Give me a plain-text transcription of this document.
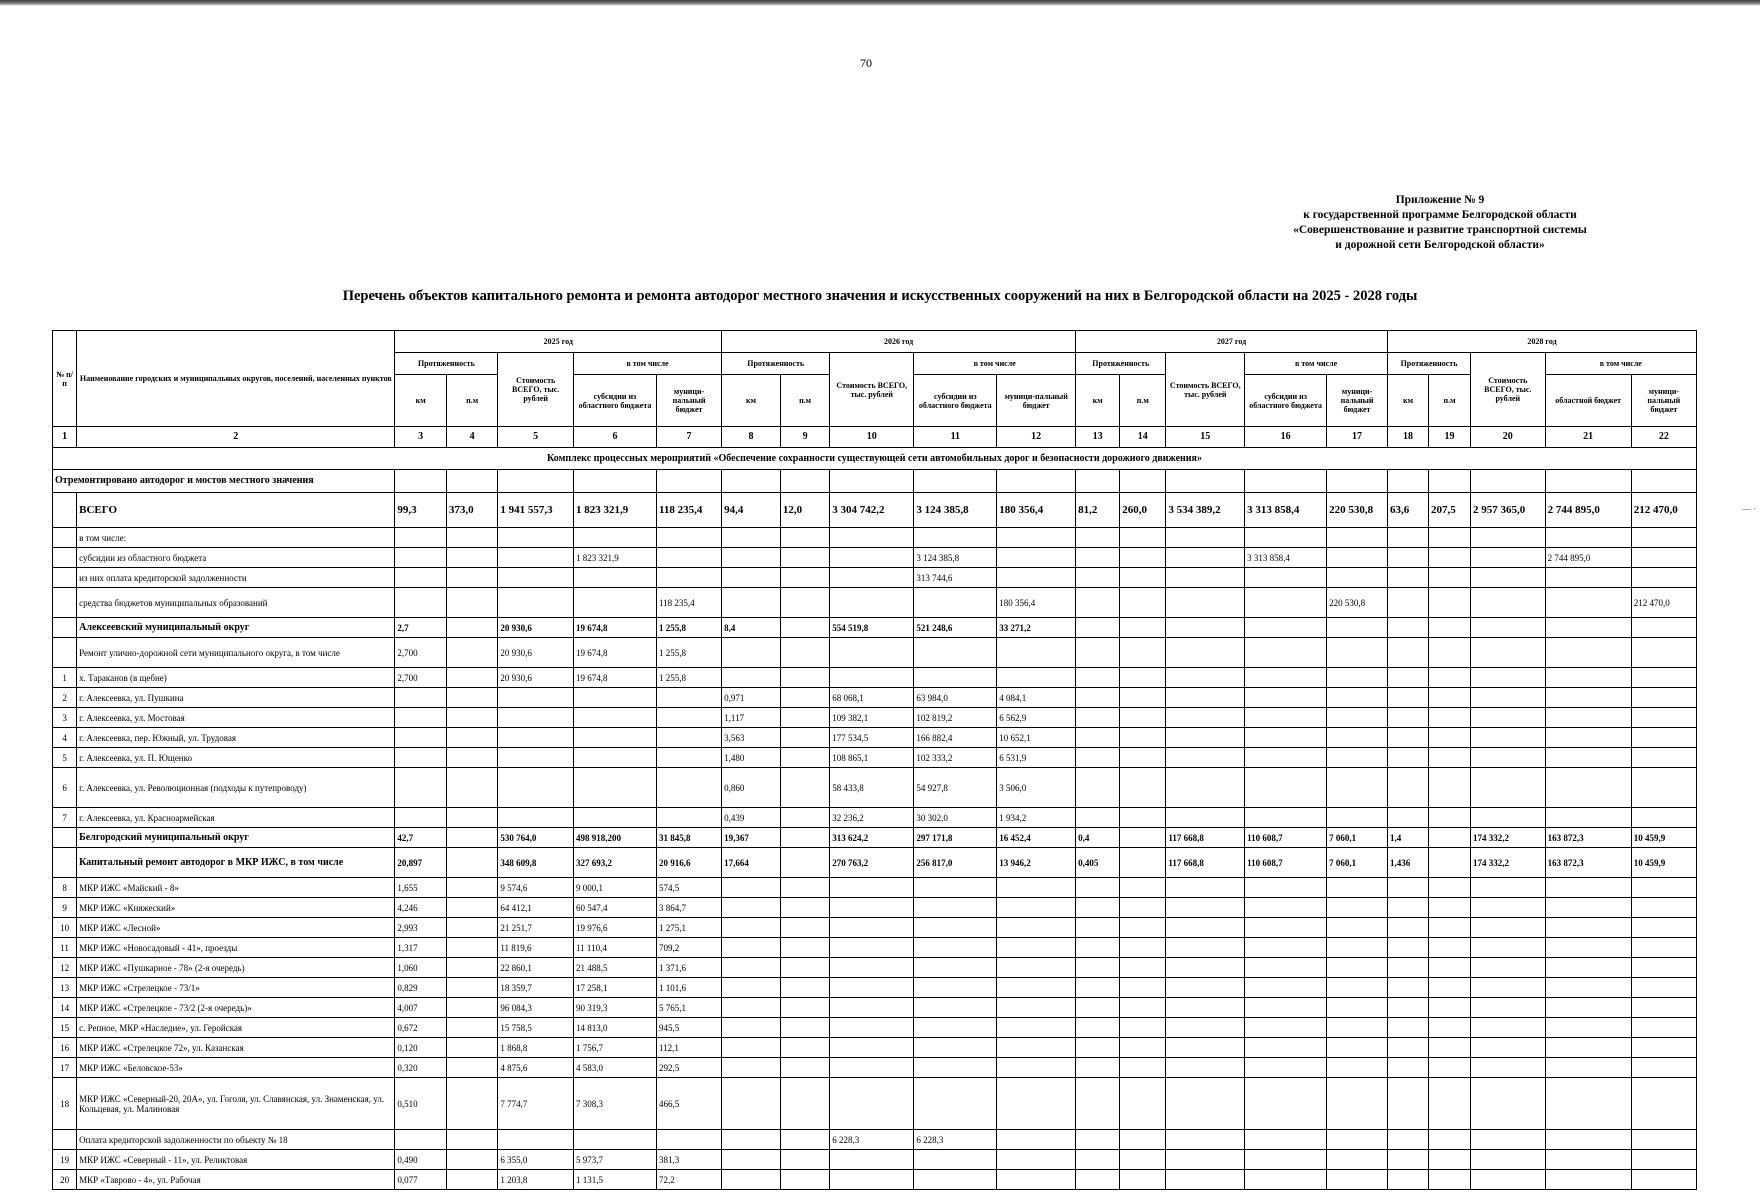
70
Приложение № 9
к государственной программе Белгородской области
«Совершенствование и развитие транспортной системы
и дорожной сети Белгородской области»
Перечень объектов капитального ремонта и ремонта автодорог местного значения и искусственных сооружений на них в Белгородской области на 2025 - 2028 годы
№ п/п	Наименование городских и муниципальных округов, поселений, населенных пунктов	2025 год					2026 год					2027 год					2028 год				
		Протяженность		Стоимость ВСЕГО, тыс. рублей	в том числе		Протяженность		Стоимость ВСЕГО, тыс. рублей	в том числе		Протяженность		Стоимость ВСЕГО, тыс. рублей	в том числе		Протяженность		Стоимость ВСЕГО, тыс. рублей	в том числе	
		км	п.м		субсидии из областного бюджета	муници-пальный бюджет	км	п.м		субсидии из областного бюджета	муници-пальный бюджет	км	п.м		субсидии из областного бюджета	муници-пальный бюджет	км	п.м		областной бюджет	муници-пальный бюджет
1	2	3	4	5	6	7	8	9	10	11	12	13	14	15	16	17	18	19	20	21	22
Комплекс процессных мероприятий «Обеспечение сохранности существующей сети автомобильных дорог и безопасности дорожного движения»																					
Отремонтировано автодорог и мостов местного значения																					
	ВСЕГО	99,3	373,0	1 941 557,3	1 823 321,9	118 235,4	94,4	12,0	3 304 742,2	3 124 385,8	180 356,4	81,2	260,0	3 534 389,2	3 313 858,4	220 530,8	63,6	207,5	2 957 365,0	2 744 895,0	212 470,0
	в том числе:																				
	субсидии из областного бюджета				1 823 321,9					3 124 385,8					3 313 858,4					2 744 895,0	
	из них оплата кредиторской задолженности									313 744,6											
	средства бюджетов муниципальных образований					118 235,4					180 356,4					220 530,8					212 470,0
	Алексеевский муниципальный округ	2,7		20 930,6	19 674,8	1 255,8	8,4		554 519,8	521 248,6	33 271,2										
	Ремонт улично-дорожной сети муниципального округа, в том числе	2,700		20 930,6	19 674,8	1 255,8															
1	х. Тараканов (в щебне)	2,700		20 930,6	19 674,8	1 255,8															
2	г. Алексеевка, ул. Пушкина						0,971		68 068,1	63 984,0	4 084,1										
3	г. Алексеевка, ул. Мостовая						1,117		109 382,1	102 819,2	6 562,9										
4	г. Алексеевка, пер. Южный, ул. Трудовая						3,563		177 534,5	166 882,4	10 652,1										
5	г. Алексеевка, ул. П. Ющенко						1,480		108 865,1	102 333,2	6 531,9										
6	г. Алексеевка, ул. Революционная (подходы к путепроводу)						0,860		58 433,8	54 927,8	3 506,0										
7	г. Алексеевка, ул. Красноармейская						0,439		32 236,2	30 302,0	1 934,2										
	Белгородский муниципальный округ	42,7		530 764,0	498 918,200	31 845,8	19,367		313 624,2	297 171,8	16 452,4	0,4		117 668,8	110 608,7	7 060,1	1,4		174 332,2	163 872,3	10 459,9
	Капитальный ремонт автодорог в МКР ИЖС, в том числе	20,897		348 609,8	327 693,2	20 916,6	17,664		270 763,2	256 817,0	13 946,2	0,405		117 668,8	110 608,7	7 060,1	1,436		174 332,2	163 872,3	10 459,9
8	МКР ИЖС «Майский - 8»	1,655		9 574,6	9 000,1	574,5															
9	МКР ИЖС «Княжеский»	4,246		64 412,1	60 547,4	3 864,7															
10	МКР ИЖС «Лесной»	2,993		21 251,7	19 976,6	1 275,1															
11	МКР ИЖС «Новосадовый - 41», проезды	1,317		11 819,6	11 110,4	709,2															
12	МКР ИЖС «Пушкарное - 78» (2-я очередь)	1,060		22 860,1	21 488,5	1 371,6															
13	МКР ИЖС «Стрелецкое - 73/1»	0,829		18 359,7	17 258,1	1 101,6															
14	МКР ИЖС «Стрелецкое - 73/2 (2-я очередь)»	4,007		96 084,3	90 319,3	5 765,1															
15	с. Репное, МКР «Наследие», ул. Геройская	0,672		15 758,5	14 813,0	945,5															
16	МКР ИЖС «Стрелецкое 72», ул. Казанская	0,120		1 868,8	1 756,7	112,1															
17	МКР ИЖС «Беловское-53»	0,320		4 875,6	4 583,0	292,5															
18	МКР ИЖС «Северный-20, 20А», ул. Гоголя, ул. Славянская, ул. Знаменская, ул. Кольцевая, ул. Малиновая	0,510		7 774,7	7 308,3	466,5															
	Оплата кредиторской задолженности по объекту № 18								6 228,3	6 228,3											
19	МКР ИЖС «Северный - 11», ул. Реликтовая	0,490		6 355,0	5 973,7	381,3															
20	МКР «Таврово - 4», ул. Рабочая	0,077		1 203,8	1 131,5	72,2															
— ·
